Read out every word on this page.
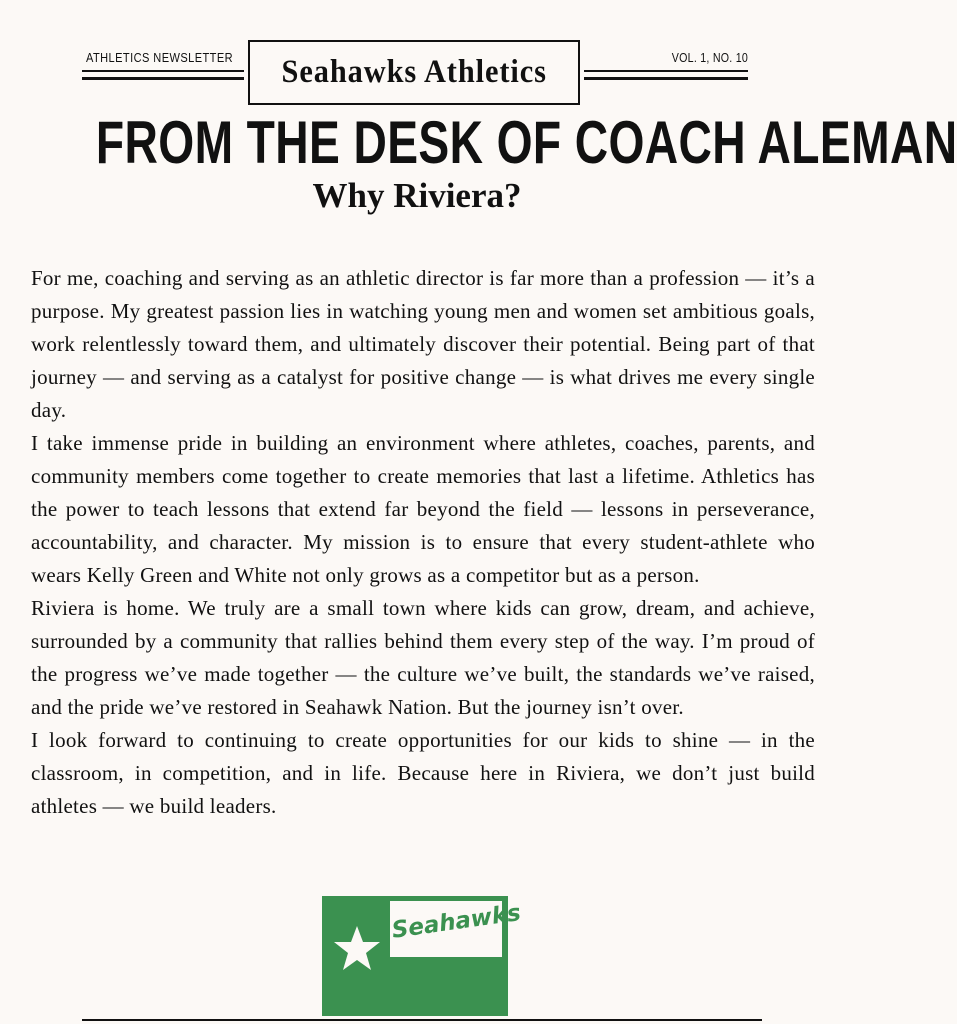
ATHLETICS NEWSLETTER Seahawks Athletics	VOL. 1, NO. 10
FROM THE DESK OF COACH ALEMAN
Why Riviera?

For me, coaching and serving as an athletic director is far more than a profession — it’s a purpose. My greatest passion lies in watching young men and women set ambitious goals, work relentlessly toward them, and ultimately discover their potential. Being part of that journey — and serving as a catalyst for positive change — is what drives me every single day.

I take immense pride in building an environment where athletes, coaches, parents, and community members come together to create memories that last a lifetime. Athletics has the power to teach lessons that extend far beyond the field — lessons in perseverance, accountability, and character. My mission is to ensure that every student-athlete who wears Kelly Green and White not only grows as a competitor but as a person.

Riviera is home. We truly are a small town where kids can grow, dream, and achieve, surrounded by a community that rallies behind them every step of the way. I’m proud of the progress we’ve made together — the culture we’ve built, the standards we’ve raised, and the pride we’ve restored in Seahawk Nation. But the journey isn’t over.

I look forward to continuing to create opportunities for our kids to shine — in the classroom, in competition, and in life. Because here in Riviera, we don’t just build athletes — we build leaders.

Seahawks
